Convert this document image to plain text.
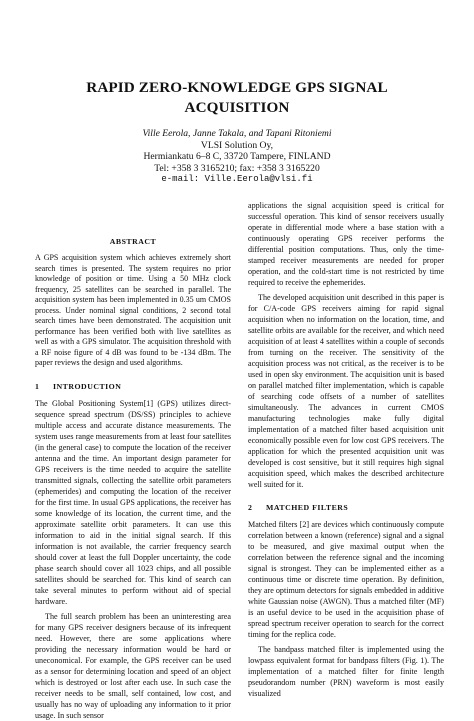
RAPID ZERO-KNOWLEDGE GPS SIGNAL
ACQUISITION
Ville Eerola, Janne Takala, and Tapani Ritoniemi
VLSI Solution Oy,
Hermiankatu 6–8 C, 33720 Tampere, FINLAND
Tel: +358 3 3165210; fax: +358 3 3165220
e-mail: Ville.Eerola@vlsi.fi
ABSTRACT

A GPS acquisition system which achieves extremely short search times is presented. The system requires no prior knowledge of position or time. Using a 50 MHz clock frequency, 25 satellites can be searched in parallel. The acquisition system has been implemented in 0.35 um CMOS process. Under nominal signal conditions, 2 second total search times have been demonstrated. The acquisition unit performance has been verified both with live satellites as well as with a GPS simulator. The acquisition threshold with a RF noise figure of 4 dB was found to be -134 dBm. The paper reviews the design and used algorithms.

1 INTRODUCTION

The Global Positioning System[1] (GPS) utilizes direct-sequence spread spectrum (DS/SS) principles to achieve multiple access and accurate distance measurements. The system uses range measurements from at least four satellites (in the general case) to compute the location of the receiver antenna and the time. An important design parameter for GPS receivers is the time needed to acquire the satellite transmitted signals, collecting the satellite orbit parameters (ephemerides) and computing the location of the receiver for the first time. In usual GPS applications, the receiver has some knowledge of its location, the current time, and the approximate satellite orbit parameters. It can use this information to aid in the initial signal search. If this information is not available, the carrier frequency search should cover at least the full Doppler uncertainty, the code phase search should cover all 1023 chips, and all possible satellites should be searched for. This kind of search can take several minutes to perform without aid of special hardware.

The full search problem has been an uninteresting area for many GPS receiver designers because of its infrequent need. However, there are some applications where providing the necessary information would be hard or uneconomical. For example, the GPS receiver can be used as a sensor for determining location and speed of an object which is destroyed or lost after each use. In such case the receiver needs to be small, self contained, low cost, and usually has no way of uploading any information to it prior usage. In such sensor

applications the signal acquisition speed is critical for successful operation. This kind of sensor receivers usually operate in differential mode where a base station with a continuously operating GPS receiver performs the differential position computations. Thus, only the time-stamped receiver measurements are needed for proper operation, and the cold-start time is not restricted by time required to receive the ephemerides.

The developed acquisition unit described in this paper is for C/A-code GPS receivers aiming for rapid signal acquisition when no information on the location, time, and satellite orbits are available for the receiver, and which need acquisition of at least 4 satellites within a couple of seconds from turning on the receiver. The sensitivity of the acquisition process was not critical, as the receiver is to be used in open sky environment. The acquisition unit is based on parallel matched filter implementation, which is capable of searching code offsets of a number of satellites simultaneously. The advances in current CMOS manufacturing technologies make fully digital implementation of a matched filter based acquisition unit economically possible even for low cost GPS receivers. The application for which the presented acquisition unit was developed is cost sensitive, but it still requires high signal acquisition speed, which makes the described architecture well suited for it.

2 MATCHED FILTERS

Matched filters [2] are devices which continuously compute correlation between a known (reference) signal and a signal to be measured, and give maximal output when the correlation between the reference signal and the incoming signal is strongest. They can be implemented either as a continuous time or discrete time operation. By definition, they are optimum detectors for signals embedded in additive white Gaussian noise (AWGN). Thus a matched filter (MF) is an useful device to be used in the acquisition phase of spread spectrum receiver operation to search for the correct timing for the replica code.

The bandpass matched filter is implemented using the lowpass equivalent format for bandpass filters (Fig. 1). The implementation of a matched filter for finite length pseudorandom number (PRN) waveform is most easily visualized
